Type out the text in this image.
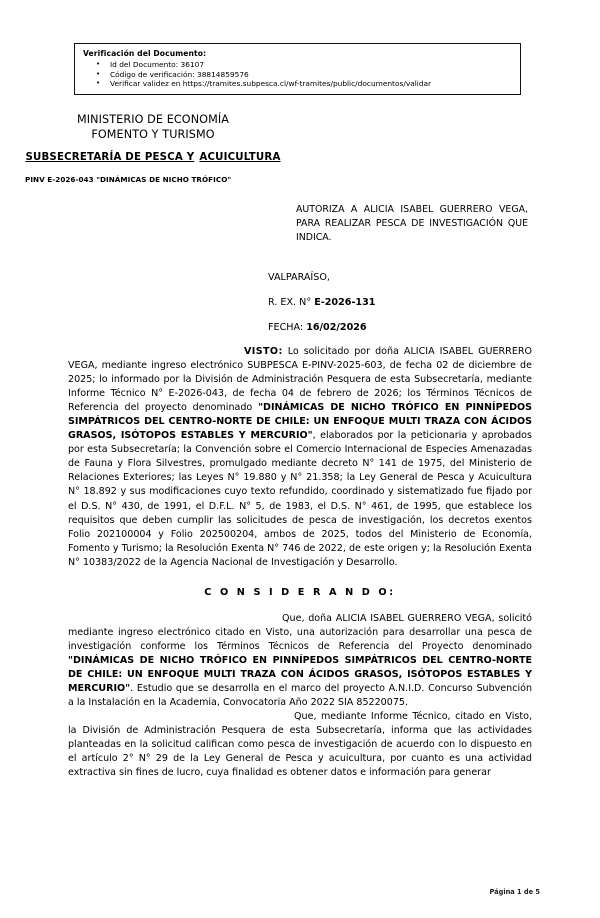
Verificación del Documento:
• Id del Documento: 36107
• Código de verificación: 38814859576
• Verificar validez en https://tramites.subpesca.cl/wf-tramites/public/documentos/validar
MINISTERIO DE ECONOMÍA
FOMENTO Y TURISMO
SUBSECRETARÍA DE PESCA Y ACUICULTURA
PINV E-2026-043 "DINÁMICAS DE NICHO TRÓFICO"
AUTORIZA A ALICIA ISABEL GUERRERO VEGA, PARA REALIZAR PESCA DE INVESTIGACIÓN QUE INDICA.
VALPARAÍSO,
R. EX. N° E-2026-131
FECHA: 16/02/2026

VISTO: Lo solicitado por doña ALICIA ISABEL GUERRERO VEGA, mediante ingreso electrónico SUBPESCA E-PINV-2025-603, de fecha 02 de diciembre de 2025; lo informado por la División de Administración Pesquera de esta Subsecretaría, mediante Informe Técnico N° E-2026-043, de fecha 04 de febrero de 2026; los Términos Técnicos de Referencia del proyecto denominado "DINÁMICAS DE NICHO TRÓFICO EN PINNÍPEDOS SIMPÁTRICOS DEL CENTRO-NORTE DE CHILE: UN ENFOQUE MULTI TRAZA CON ÁCIDOS GRASOS, ISÓTOPOS ESTABLES Y MERCURIO", elaborados por la peticionaria y aprobados por esta Subsecretaría; la Convención sobre el Comercio Internacional de Especies Amenazadas de Fauna y Flora Silvestres, promulgado mediante decreto N° 141 de 1975, del Ministerio de Relaciones Exteriores; las Leyes N° 19.880 y N° 21.358; la Ley General de Pesca y Acuicultura N° 18.892 y sus modificaciones cuyo texto refundido, coordinado y sistematizado fue fijado por el D.S. N° 430, de 1991, el D.F.L. N° 5, de 1983, el D.S. N° 461, de 1995, que establece los requisitos que deben cumplir las solicitudes de pesca de investigación, los decretos exentos Folio 202100004 y Folio 202500204, ambos de 2025, todos del Ministerio de Economía, Fomento y Turismo; la Resolución Exenta N° 746 de 2022, de este origen y; la Resolución Exenta N° 10383/2022 de la Agencia Nacional de Investigación y Desarrollo.

C O N S I D E R A N D O:

Que, doña ALICIA ISABEL GUERRERO VEGA, solicitó mediante ingreso electrónico citado en Visto, una autorización para desarrollar una pesca de investigación conforme los Términos Técnicos de Referencia del Proyecto denominado "DINÁMICAS DE NICHO TRÓFICO EN PINNÍPEDOS SIMPÁTRICOS DEL CENTRO-NORTE DE CHILE: UN ENFOQUE MULTI TRAZA CON ÁCIDOS GRASOS, ISÓTOPOS ESTABLES Y MERCURIO". Estudio que se desarrolla en el marco del proyecto A.N.I.D. Concurso Subvención a la Instalación en la Academia, Convocatoria Año 2022 SIA 85220075.

Que, mediante Informe Técnico, citado en Visto, la División de Administración Pesquera de esta Subsecretaría, informa que las actividades planteadas en la solicitud califican como pesca de investigación de acuerdo con lo dispuesto en el artículo 2° N° 29 de la Ley General de Pesca y acuicultura, por cuanto es una actividad extractiva sin fines de lucro, cuya finalidad es obtener datos e información para generar

Página 1 de 5
